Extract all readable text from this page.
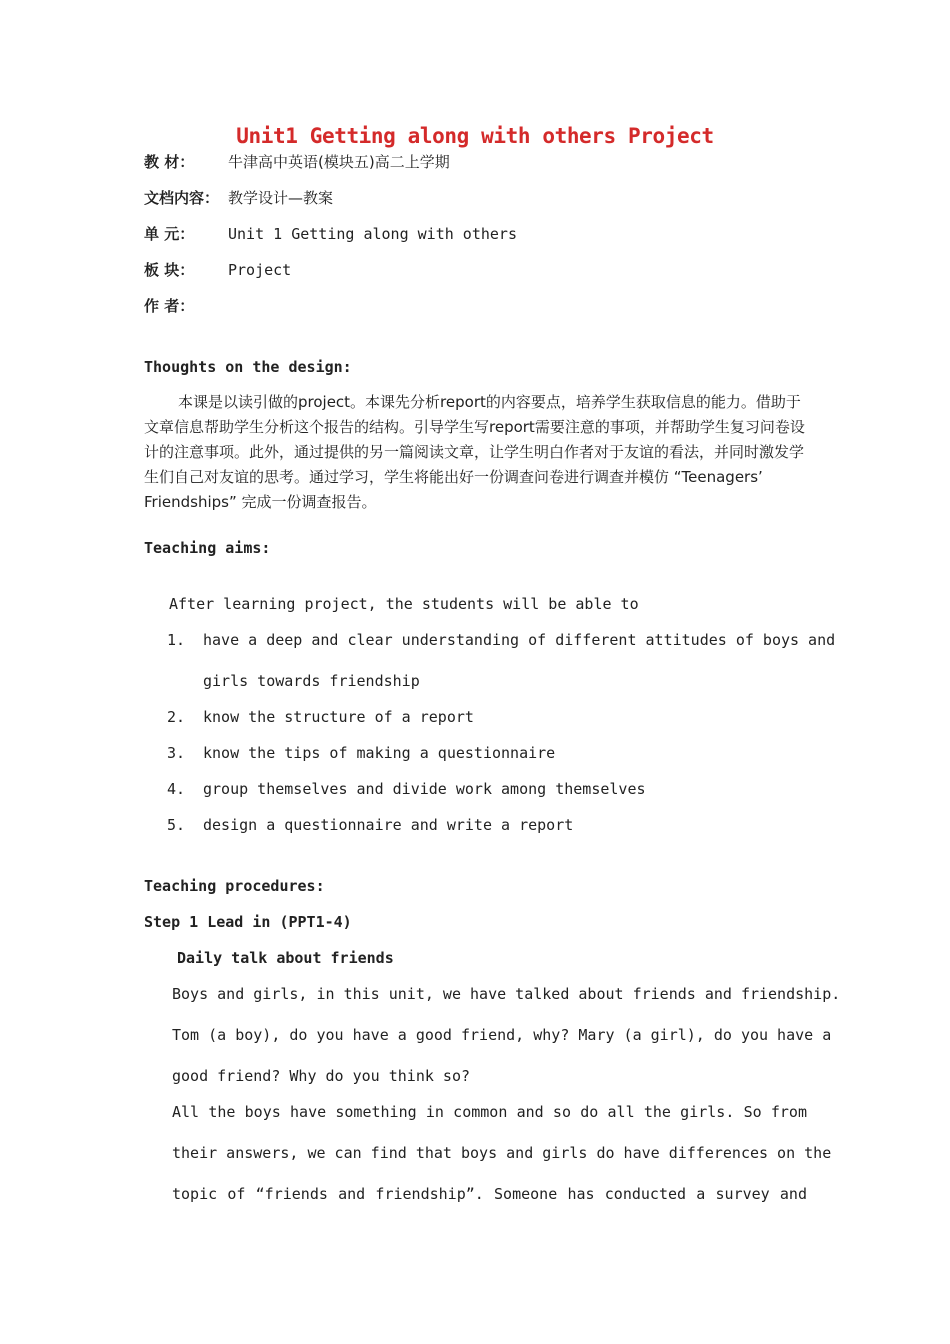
Unit1 Getting along with others Project
教 材： 牛津高中英语(模块五)高二上学期
文档内容： 教学设计—教案
单 元： Unit 1 Getting along with others
板 块： Project
作 者：
Thoughts on the design:
本课是以读引做的project。本课先分析report的内容要点，培养学生获取信息的能力。借助于文章信息帮助学生分析这个报告的结构。引导学生写report需要注意的事项，并帮助学生复习问卷设计的注意事项。此外，通过提供的另一篇阅读文章，让学生明白作者对于友谊的看法，并同时激发学生们自己对友谊的思考。通过学习，学生将能出好一份调查问卷进行调查并模仿 “Teenagers’ Friendships” 完成一份调查报告。
Teaching aims:
After learning project, the students will be able to
1. have a deep and clear understanding of different attitudes of boys and
girls towards friendship
2. know the structure of a report
3. know the tips of making a questionnaire
4. group themselves and divide work among themselves
5. design a questionnaire and write a report
Teaching procedures:
Step 1 Lead in (PPT1-4)
Daily talk about friends
Boys and girls, in this unit, we have talked about friends and friendship.
Tom (a boy), do you have a good friend, why? Mary (a girl), do you have a
good friend? Why do you think so?
All the boys have something in common and so do all the girls. So from
their answers, we can find that boys and girls do have differences on the
topic of “friends and friendship”. Someone has conducted a survey and
